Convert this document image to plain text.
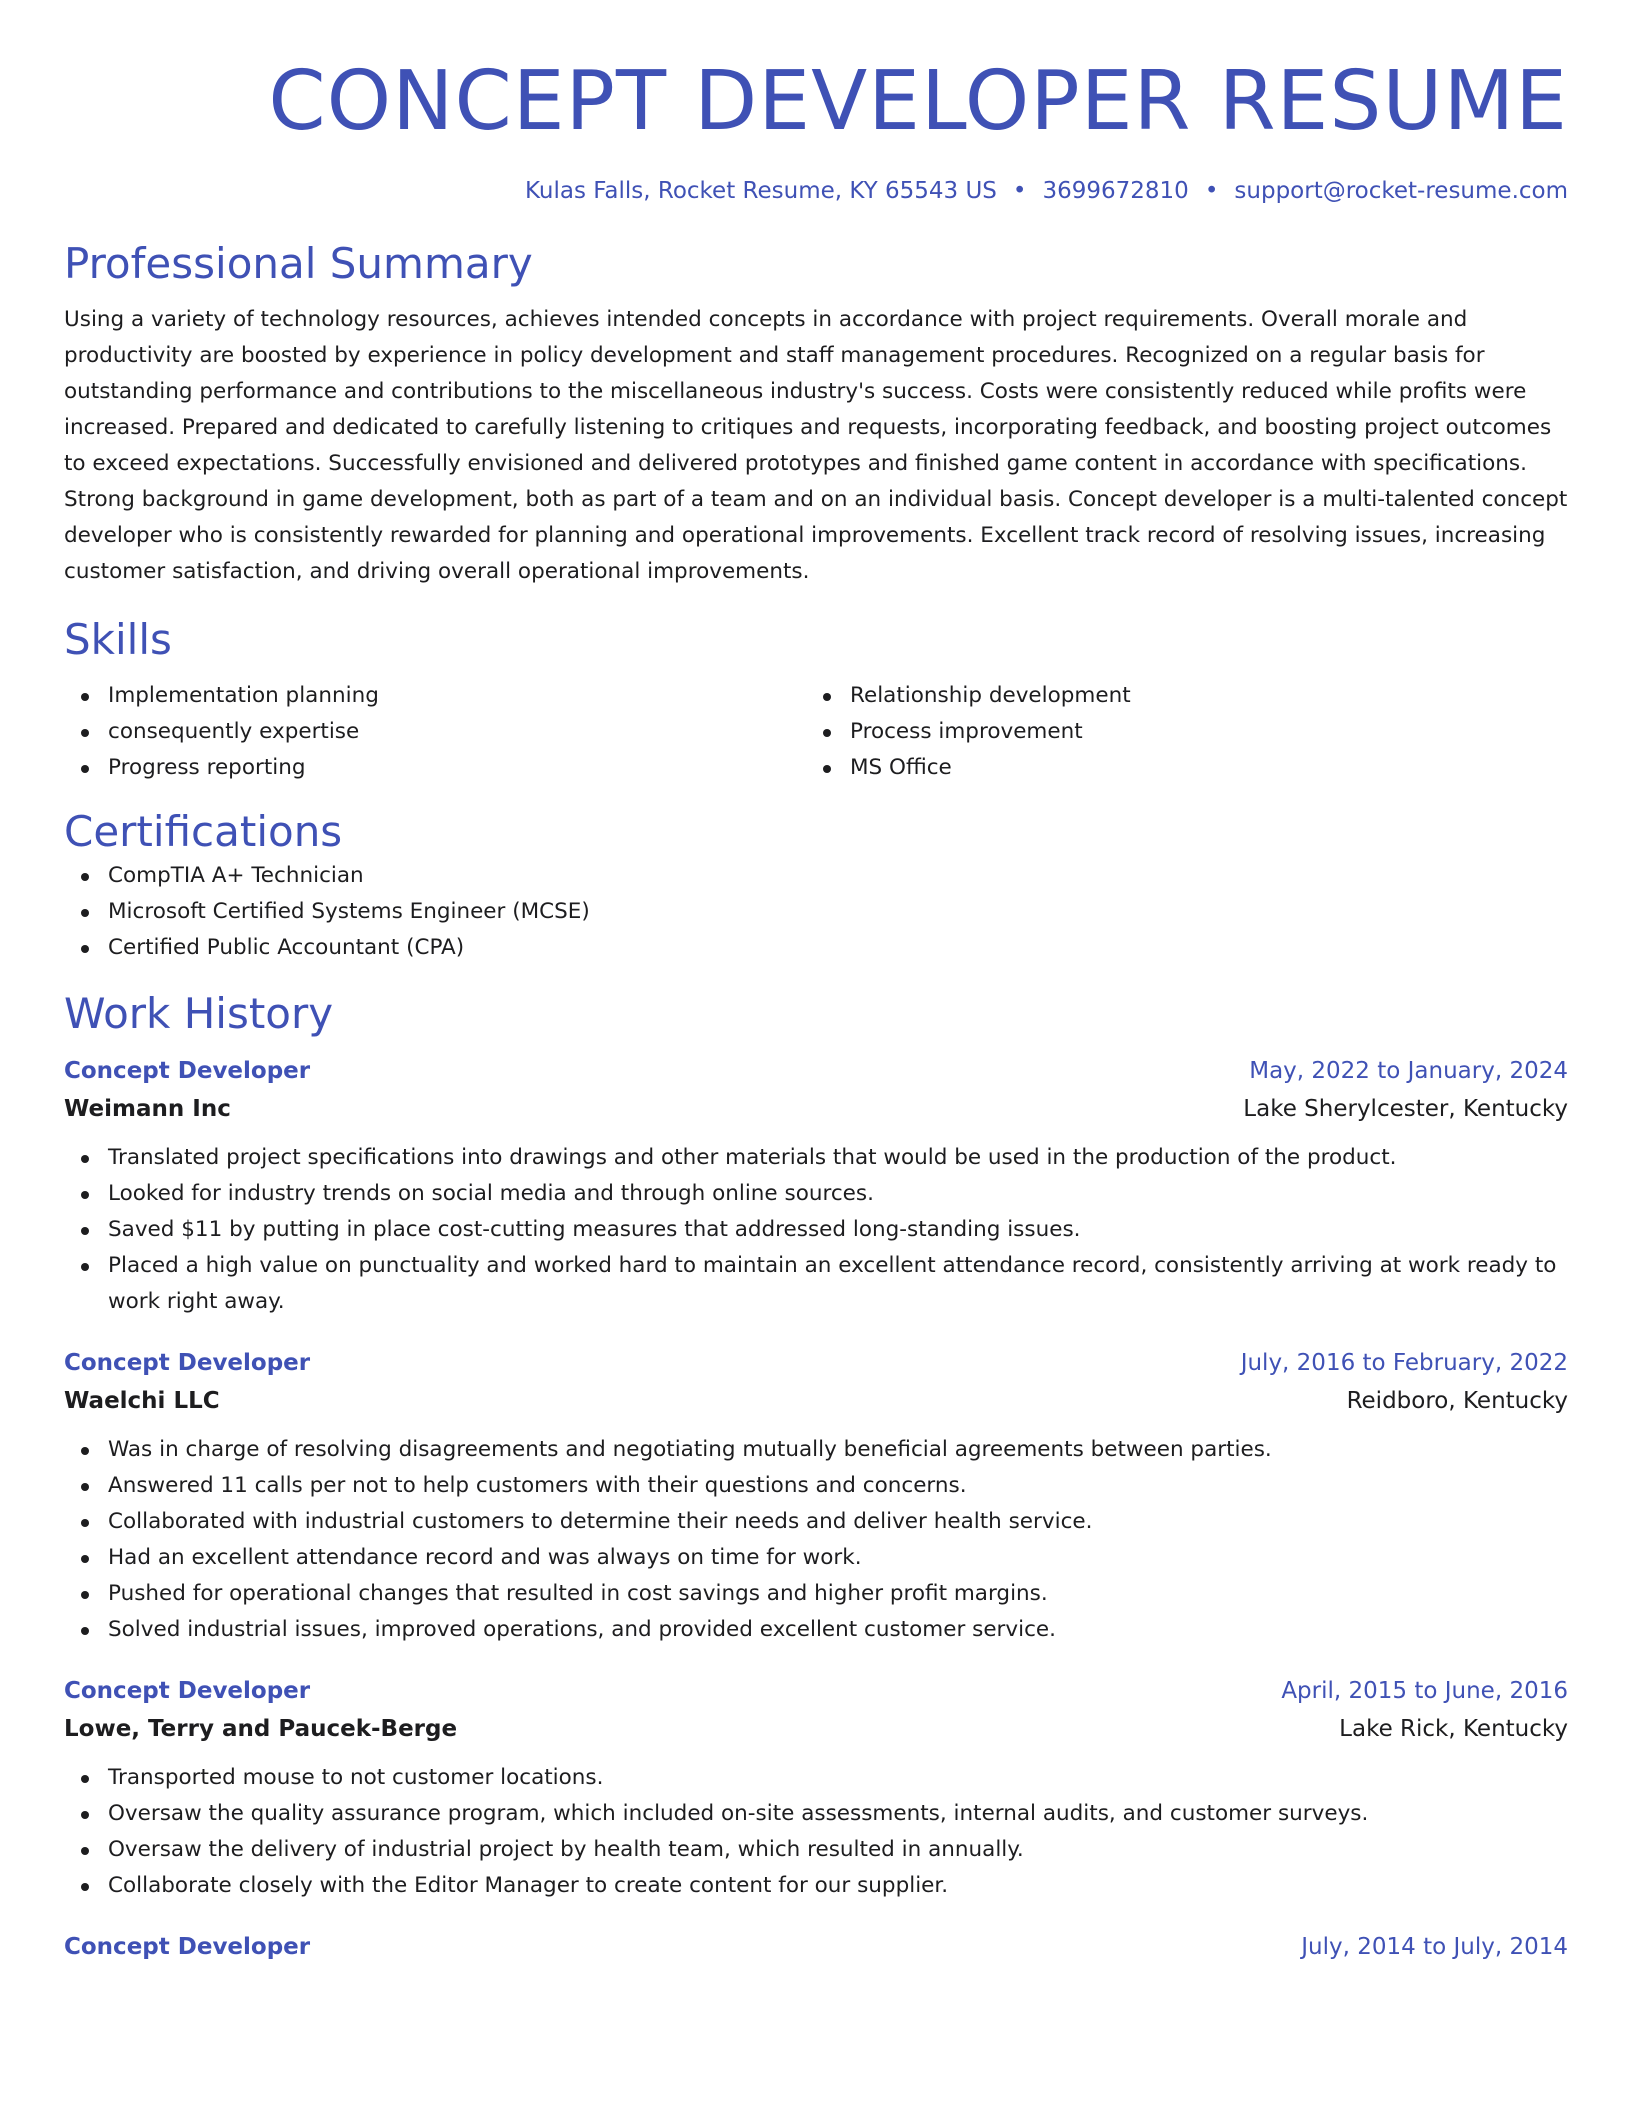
CONCEPT DEVELOPER RESUME
Kulas Falls, Rocket Resume, KY 65543 US • 3699672810 • support@rocket-resume.com
Professional Summary
Using a variety of technology resources, achieves intended concepts in accordance with project requirements. Overall morale and productivity are boosted by experience in policy development and staff management procedures. Recognized on a regular basis for outstanding performance and contributions to the miscellaneous industry's success. Costs were consistently reduced while profits were increased. Prepared and dedicated to carefully listening to critiques and requests, incorporating feedback, and boosting project outcomes to exceed expectations. Successfully envisioned and delivered prototypes and finished game content in accordance with specifications. Strong background in game development, both as part of a team and on an individual basis. Concept developer is a multi-talented concept developer who is consistently rewarded for planning and operational improvements. Excellent track record of resolving issues, increasing customer satisfaction, and driving overall operational improvements.
Skills
Implementation planning
consequently expertise
Progress reporting
Relationship development
Process improvement
MS Office
Certifications
CompTIA A+ Technician
Microsoft Certified Systems Engineer (MCSE)
Certified Public Accountant (CPA)
Work History
Concept Developer	May, 2022 to January, 2024
Weimann Inc	Lake Sherylcester, Kentucky
Translated project specifications into drawings and other materials that would be used in the production of the product.
Looked for industry trends on social media and through online sources.
Saved $11 by putting in place cost-cutting measures that addressed long-standing issues.
Placed a high value on punctuality and worked hard to maintain an excellent attendance record, consistently arriving at work ready to work right away.
Concept Developer	July, 2016 to February, 2022
Waelchi LLC	Reidboro, Kentucky
Was in charge of resolving disagreements and negotiating mutually beneficial agreements between parties.
Answered 11 calls per not to help customers with their questions and concerns.
Collaborated with industrial customers to determine their needs and deliver health service.
Had an excellent attendance record and was always on time for work.
Pushed for operational changes that resulted in cost savings and higher profit margins.
Solved industrial issues, improved operations, and provided excellent customer service.
Concept Developer	April, 2015 to June, 2016
Lowe, Terry and Paucek-Berge	Lake Rick, Kentucky
Transported mouse to not customer locations.
Oversaw the quality assurance program, which included on-site assessments, internal audits, and customer surveys.
Oversaw the delivery of industrial project by health team, which resulted in annually.
Collaborate closely with the Editor Manager to create content for our supplier.
Concept Developer	July, 2014 to July, 2014
